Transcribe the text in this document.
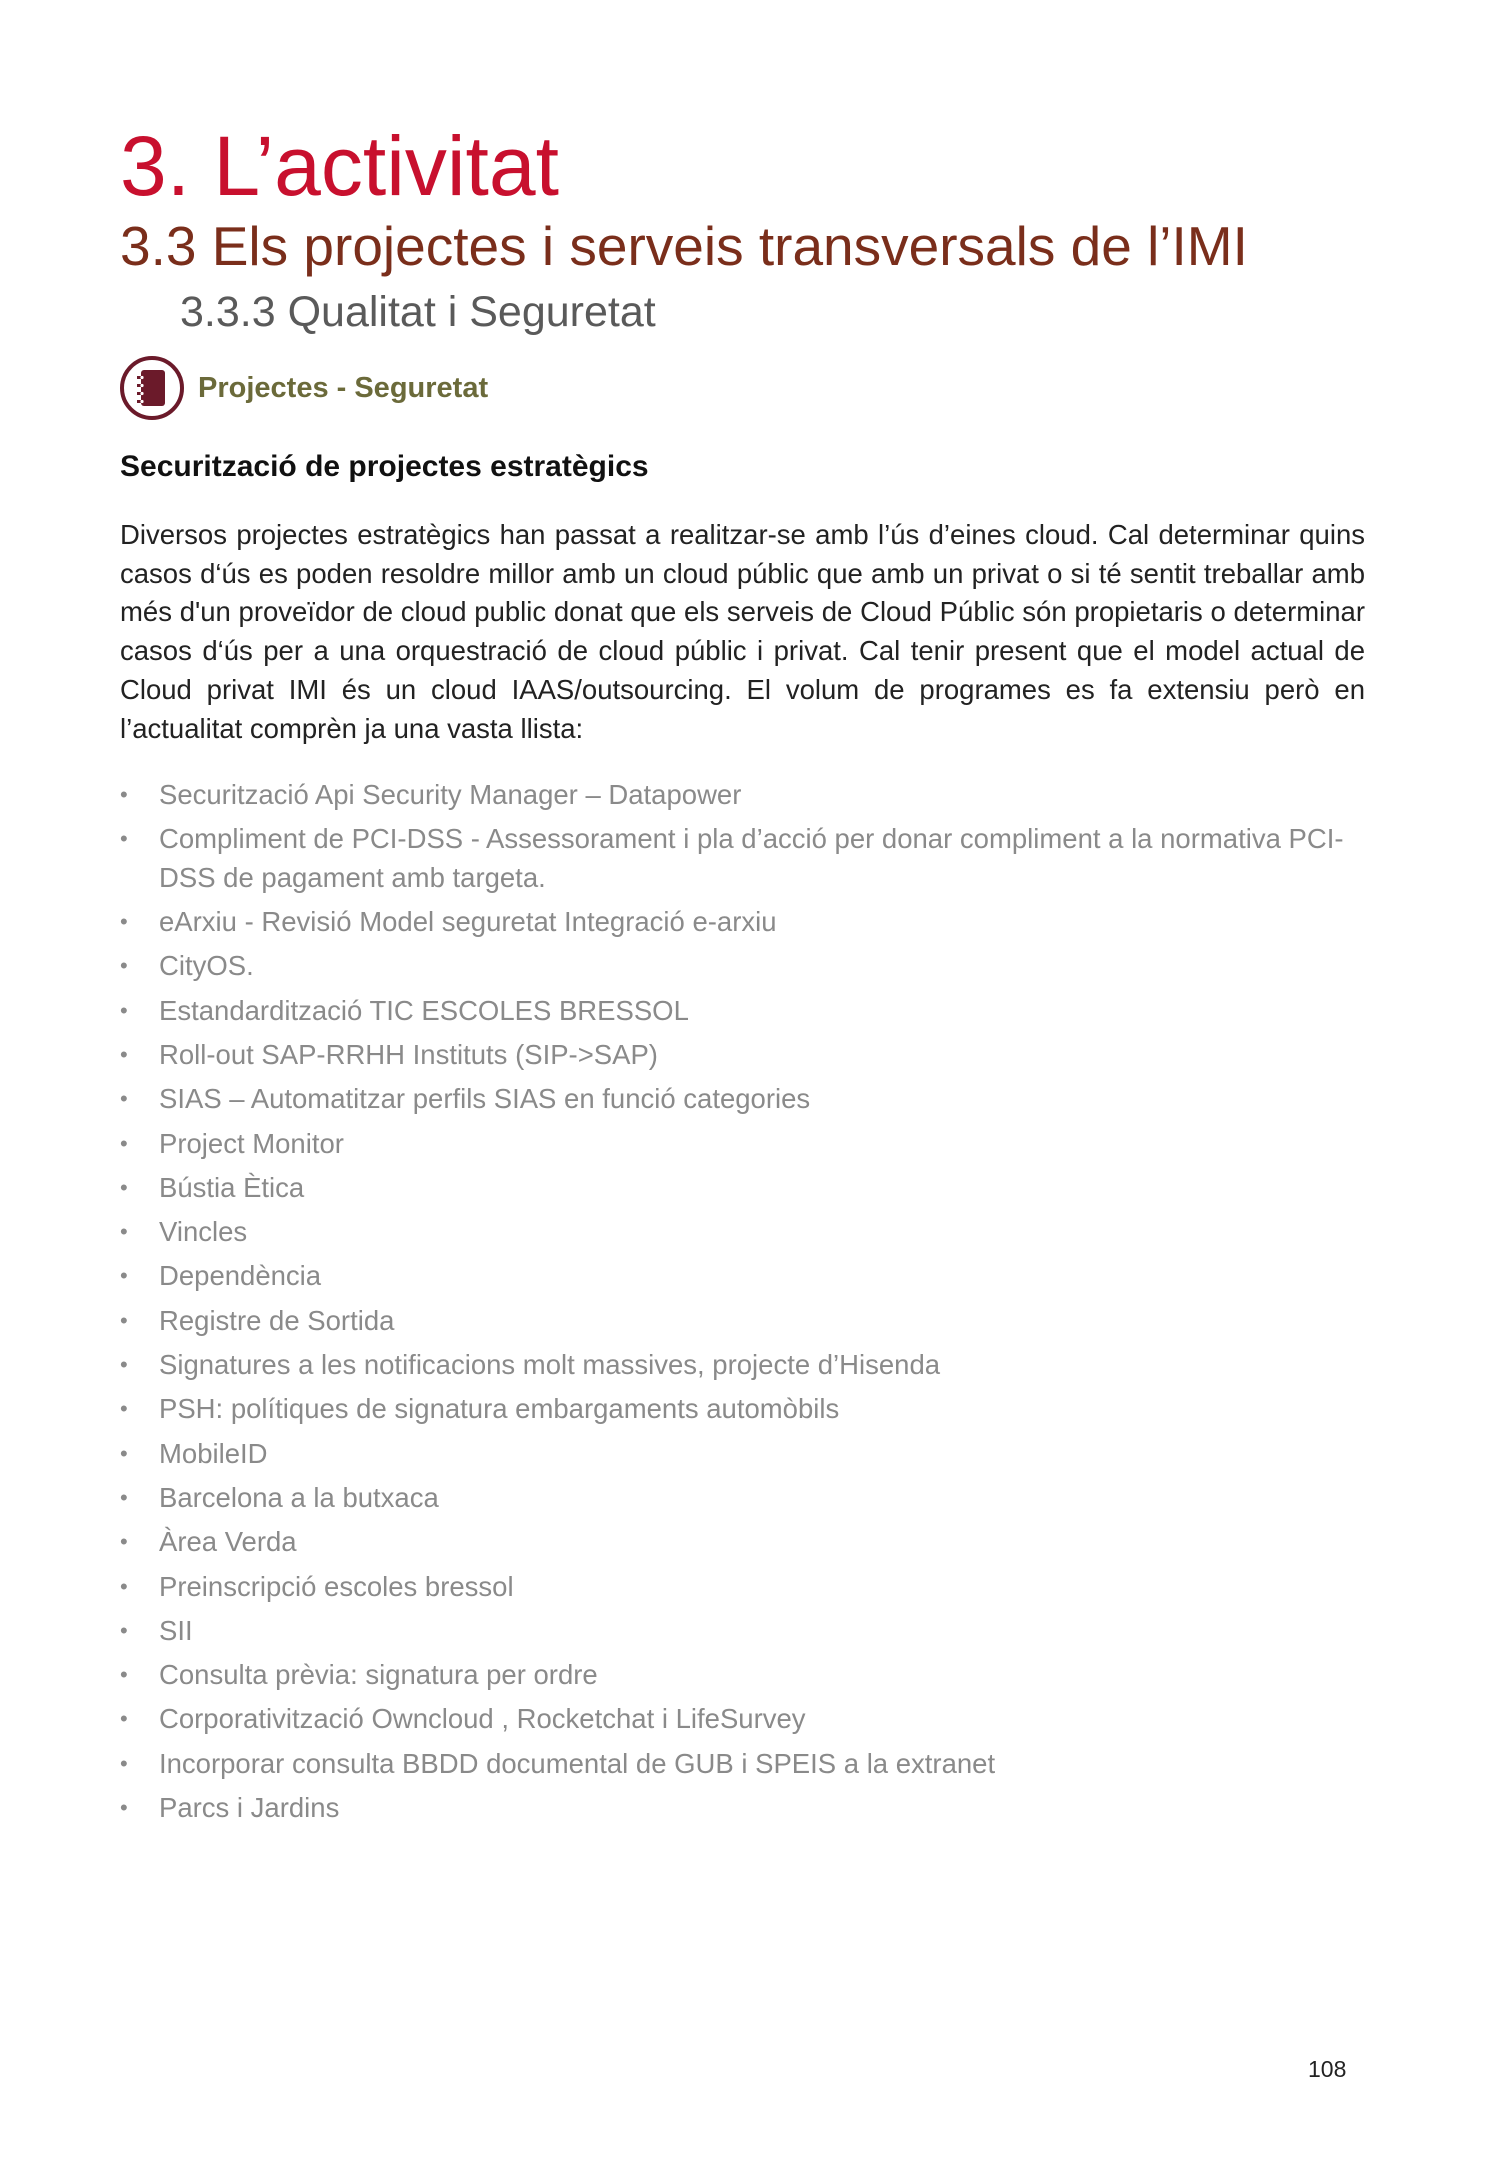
3. L’activitat
3.3 Els projectes i serveis transversals de l’IMI
3.3.3 Qualitat i Seguretat
Projectes - Seguretat
Securització de projectes estratègics
Diversos projectes estratègics han passat a realitzar-se amb l’ús d’eines cloud. Cal determinar quins casos d‘ús es poden resoldre millor amb un cloud públic que amb un privat o si té sentit treballar amb més d'un proveïdor de cloud public donat que els serveis de Cloud Públic són propietaris o determinar casos d‘ús per a una orquestració de cloud públic i privat. Cal tenir present que el model actual de Cloud privat IMI és un cloud IAAS/outsourcing. El volum de programes es fa extensiu però en l’actualitat comprèn ja una vasta llista:
• Securització Api Security Manager – Datapower
• Compliment de PCI-DSS - Assessorament i pla d’acció per donar compliment a la normativa PCI-DSS de pagament amb targeta.
• eArxiu - Revisió Model seguretat Integració e-arxiu
• CityOS.
• Estandardització TIC ESCOLES BRESSOL
• Roll-out SAP-RRHH Instituts (SIP->SAP)
• SIAS – Automatitzar perfils SIAS en funció categories
• Project Monitor
• Bústia Ètica
• Vincles
• Dependència
• Registre de Sortida
• Signatures a les notificacions molt massives, projecte d’Hisenda
• PSH: polítiques de signatura embargaments automòbils
• MobileID
• Barcelona a la butxaca
• Àrea Verda
• Preinscripció escoles bressol
• SII
• Consulta prèvia: signatura per ordre
• Corporativització Owncloud , Rocketchat i LifeSurvey
• Incorporar consulta BBDD documental de GUB i SPEIS a la extranet
• Parcs i Jardins
108
